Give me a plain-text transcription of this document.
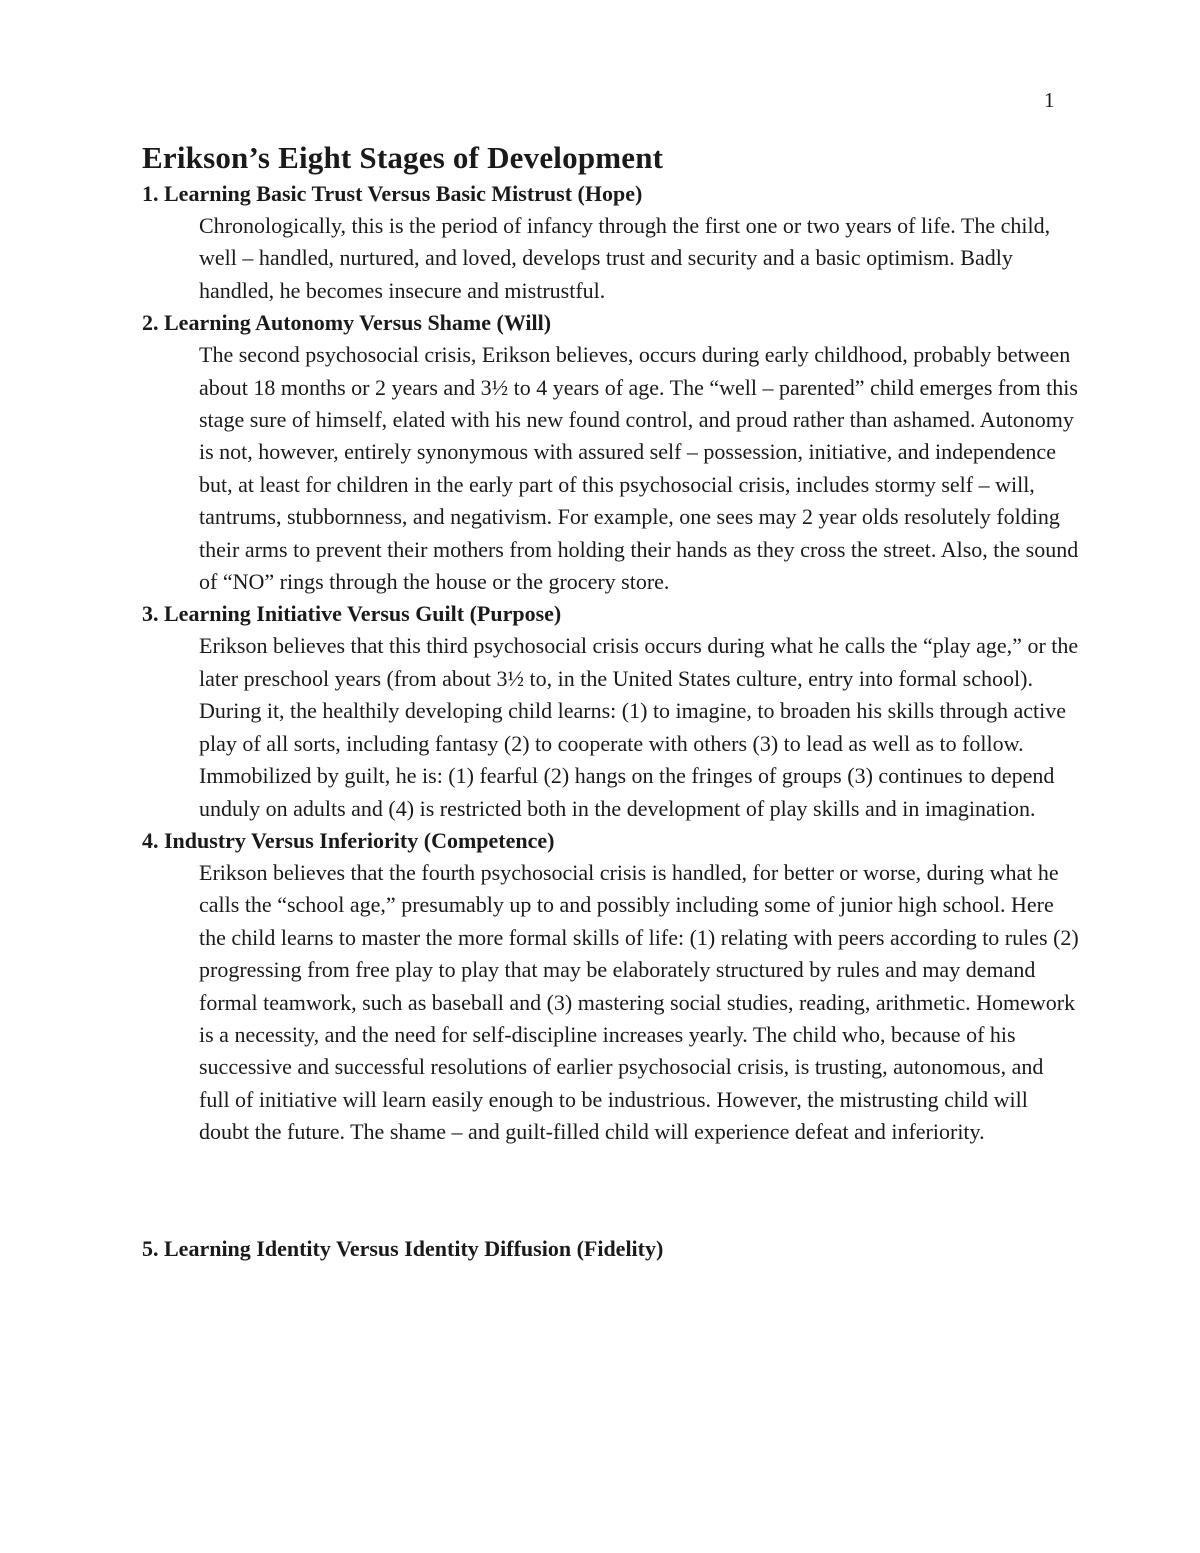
1
Erikson’s Eight Stages of Development
1. Learning Basic Trust Versus Basic Mistrust (Hope)

Chronologically, this is the period of infancy through the first one or two years of life. The child, well – handled, nurtured, and loved, develops trust and security and a basic optimism. Badly handled, he becomes insecure and mistrustful.

2. Learning Autonomy Versus Shame (Will)

The second psychosocial crisis, Erikson believes, occurs during early childhood, probably between about 18 months or 2 years and 3½ to 4 years of age. The “well – parented” child emerges from this stage sure of himself, elated with his new found control, and proud rather than ashamed. Autonomy is not, however, entirely synonymous with assured self – possession, initiative, and independence but, at least for children in the early part of this psychosocial crisis, includes stormy self – will, tantrums, stubbornness, and negativism. For example, one sees may 2 year olds resolutely folding their arms to prevent their mothers from holding their hands as they cross the street. Also, the sound of “NO” rings through the house or the grocery store.

3. Learning Initiative Versus Guilt (Purpose)

Erikson believes that this third psychosocial crisis occurs during what he calls the “play age,” or the later preschool years (from about 3½ to, in the United States culture, entry into formal school). During it, the healthily developing child learns: (1) to imagine, to broaden his skills through active play of all sorts, including fantasy (2) to cooperate with others (3) to lead as well as to follow. Immobilized by guilt, he is: (1) fearful (2) hangs on the fringes of groups (3) continues to depend unduly on adults and (4) is restricted both in the development of play skills and in imagination.

4. Industry Versus Inferiority (Competence)

Erikson believes that the fourth psychosocial crisis is handled, for better or worse, during what he calls the “school age,” presumably up to and possibly including some of junior high school. Here the child learns to master the more formal skills of life: (1) relating with peers according to rules (2) progressing from free play to play that may be elaborately structured by rules and may demand formal teamwork, such as baseball and (3) mastering social studies, reading, arithmetic. Homework is a necessity, and the need for self-discipline increases yearly. The child who, because of his successive and successful resolutions of earlier psychosocial crisis, is trusting, autonomous, and full of initiative will learn easily enough to be industrious. However, the mistrusting child will doubt the future. The shame – and guilt-filled child will experience defeat and inferiority.

5. Learning Identity Versus Identity Diffusion (Fidelity)
